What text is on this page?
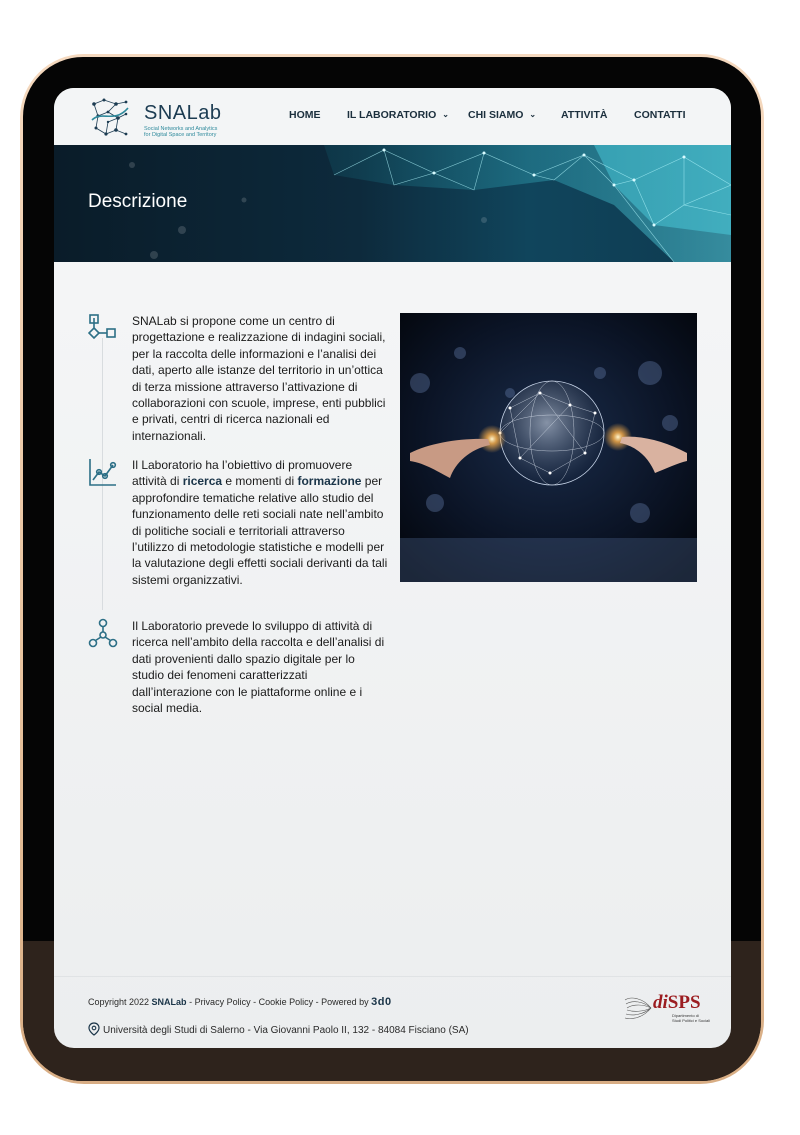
SNALab
Social Networks and Analytics
for Digital Space and Territory
HOME	IL LABORATORIO ⌄ CHI SIAMO ⌄ ATTIVITÀ	CONTATTI
Descrizione
SNALab si propone come un centro di progettazione e realizzazione di indagini sociali, per la raccolta delle informazioni e l’analisi dei dati, aperto alle istanze del territorio in un’ottica di terza missione attraverso l’attivazione di collaborazioni con scuole, imprese, enti pubblici e privati, centri di ricerca nazionali ed internazionali.
Il Laboratorio ha l’obiettivo di promuovere attività di ricerca e momenti di formazione per approfondire tematiche relative allo studio del funzionamento delle reti sociali nate nell’ambito di politiche sociali e territoriali attraverso l’utilizzo di metodologie statistiche e modelli per la valutazione degli effetti sociali derivanti da tali sistemi organizzativi.
Il Laboratorio prevede lo sviluppo di attività di ricerca nell’ambito della raccolta e dell’analisi di dati provenienti dallo spazio digitale per lo studio dei fenomeni caratterizzati dall’interazione con le piattaforme online e i social media.
Copyright 2022 SNALab - Privacy Policy - Cookie Policy - Powered by 3d0
Università degli Studi di Salerno - Via Giovanni Paolo II, 132 - 84084 Fisciano (SA)
diSPS
Dipartimento di
Studi Politici e Sociali
